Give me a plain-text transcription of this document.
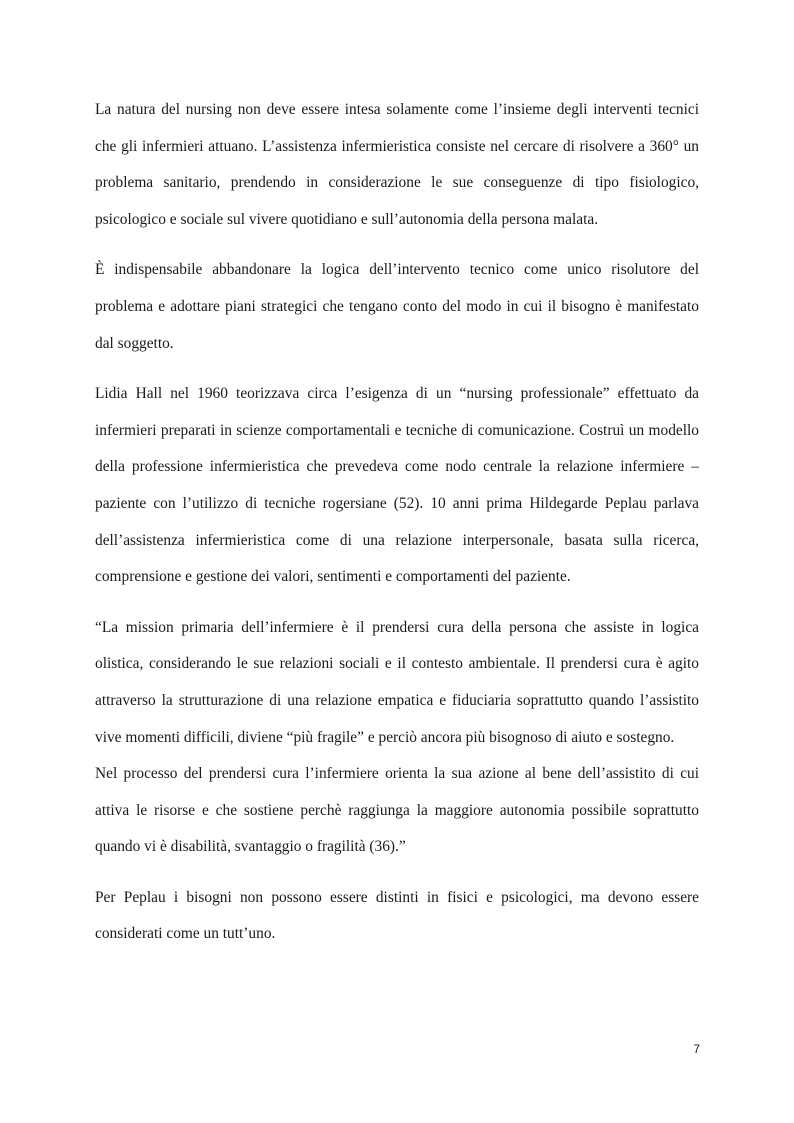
La natura del nursing non deve essere intesa solamente come l’insieme degli interventi tecnici che gli infermieri attuano. L’assistenza infermieristica consiste nel cercare di risolvere a 360° un problema sanitario, prendendo in considerazione le sue conseguenze di tipo fisiologico, psicologico e sociale sul vivere quotidiano e sull’autonomia della persona malata.

È indispensabile abbandonare la logica dell’intervento tecnico come unico risolutore del problema e adottare piani strategici che tengano conto del modo in cui il bisogno è manifestato dal soggetto.

Lidia Hall nel 1960 teorizzava circa l’esigenza di un “nursing professionale” effettuato da infermieri preparati in scienze comportamentali e tecniche di comunicazione. Costruì un modello della professione infermieristica che prevedeva come nodo centrale la relazione infermiere – paziente con l’utilizzo di tecniche rogersiane (52). 10 anni prima Hildegarde Peplau parlava dell’assistenza infermieristica come di una relazione interpersonale, basata sulla ricerca, comprensione e gestione dei valori, sentimenti e comportamenti del paziente.

“La mission primaria dell’infermiere è il prendersi cura della persona che assiste in logica olistica, considerando le sue relazioni sociali e il contesto ambientale. Il prendersi cura è agito attraverso la strutturazione di una relazione empatica e fiduciaria soprattutto quando l’assistito vive momenti difficili, diviene “più fragile” e perciò ancora più bisognoso di aiuto e sostegno.

Nel processo del prendersi cura l’infermiere orienta la sua azione al bene dell’assistito di cui attiva le risorse e che sostiene perchè raggiunga la maggiore autonomia possibile soprattutto quando vi è disabilità, svantaggio o fragilità (36).”

Per Peplau i bisogni non possono essere distinti in fisici e psicologici, ma devono essere considerati come un tutt’uno.

7
